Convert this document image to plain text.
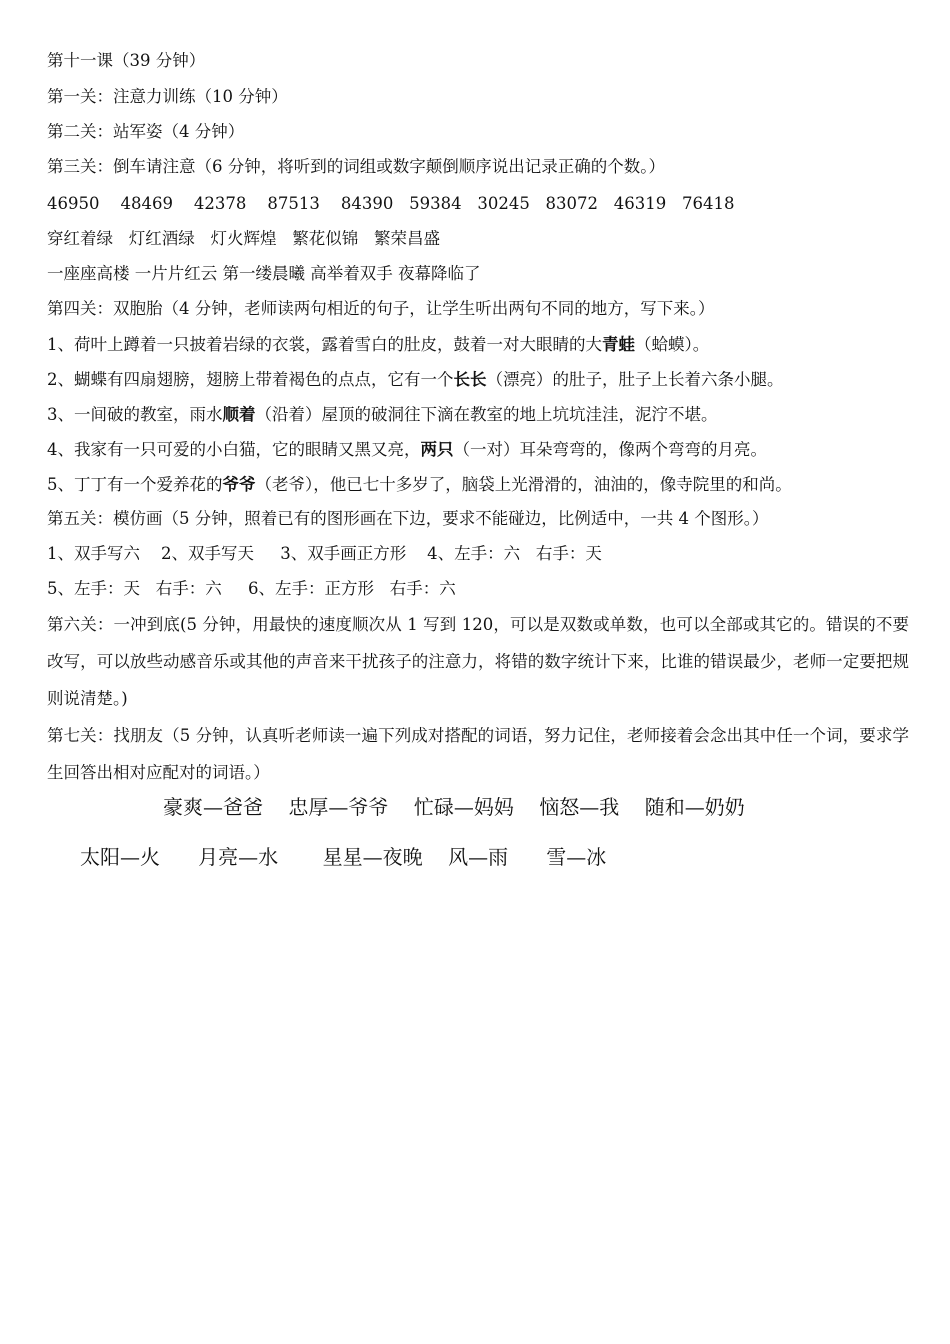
第十一课（39 分钟）
第一关：注意力训练（10 分钟）
第二关：站军姿（4 分钟）
第三关：倒车请注意（6 分钟，将听到的词组或数字颠倒顺序说出记录正确的个数。）
46950    48469    42378    87513    84390   59384   30245   83072   46319   76418
穿红着绿   灯红酒绿   灯火辉煌   繁花似锦   繁荣昌盛
一座座高楼 一片片红云 第一缕晨曦 高举着双手 夜幕降临了
第四关：双胞胎（4 分钟，老师读两句相近的句子，让学生听出两句不同的地方，写下来。）
1、荷叶上蹲着一只披着岩绿的衣裳，露着雪白的肚皮，鼓着一对大眼睛的大青蛙（蛤蟆）。
2、蝴蝶有四扇翅膀，翅膀上带着褐色的点点，它有一个长长（漂亮）的肚子，肚子上长着六条小腿。
3、一间破的教室，雨水顺着（沿着）屋顶的破洞往下滴在教室的地上坑坑洼洼，泥泞不堪。
4、我家有一只可爱的小白猫，它的眼睛又黑又亮，两只（一对）耳朵弯弯的，像两个弯弯的月亮。
5、丁丁有一个爱养花的爷爷（老爷），他已七十多岁了，脑袋上光滑滑的，油油的，像寺院里的和尚。
第五关：模仿画（5 分钟，照着已有的图形画在下边，要求不能碰边，比例适中，一共 4 个图形。）
1、双手写六    2、双手写天     3、双手画正方形    4、左手：六   右手：天
5、左手：天   右手：六     6、左手：正方形   右手：六
第六关：一冲到底(5 分钟，用最快的速度顺次从 1 写到 120，可以是双数或单数，也可以全部或其它的。错误的不要改写，可以放些动感音乐或其他的声音来干扰孩子的注意力，将错的数字统计下来，比谁的错误最少，老师一定要把规则说清楚。)
第七关：找朋友（5 分钟，认真听老师读一遍下列成对搭配的词语，努力记住，老师接着会念出其中任一个词，要求学生回答出相对应配对的词语。）
豪爽—爸爸    忠厚—爷爷    忙碌—妈妈    恼怒—我    随和—奶奶
太阳—火      月亮—水       星星—夜晚    风—雨      雪—冰
